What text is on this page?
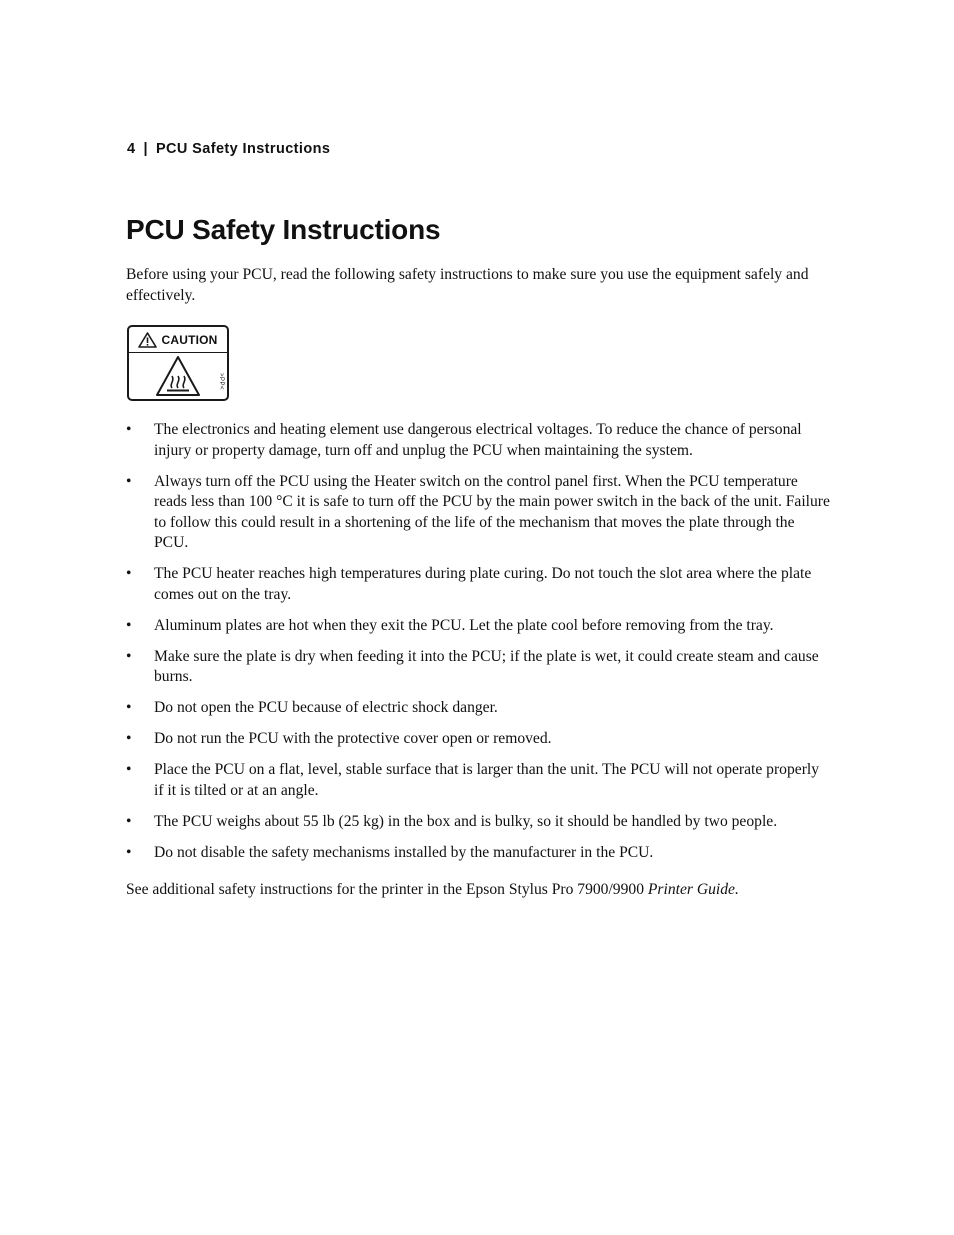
4 | PCU Safety Instructions
PCU Safety Instructions

Before using your PCU, read the following safety instructions to make sure you use the equipment safely and effectively.

CAUTION
>PP<
• The electronics and heating element use dangerous electrical voltages. To reduce the chance of personal injury or property damage, turn off and unplug the PCU when maintaining the system.
• Always turn off the PCU using the Heater switch on the control panel first. When the PCU temperature reads less than 100 °C it is safe to turn off the PCU by the main power switch in the back of the unit. Failure to follow this could result in a shortening of the life of the mechanism that moves the plate through the PCU.
• The PCU heater reaches high temperatures during plate curing. Do not touch the slot area where the plate comes out on the tray.
• Aluminum plates are hot when they exit the PCU. Let the plate cool before removing from the tray.
• Make sure the plate is dry when feeding it into the PCU; if the plate is wet, it could create steam and cause burns.
• Do not open the PCU because of electric shock danger.
• Do not run the PCU with the protective cover open or removed.
• Place the PCU on a flat, level, stable surface that is larger than the unit. The PCU will not operate properly if it is tilted or at an angle.
• The PCU weighs about 55 lb (25 kg) in the box and is bulky, so it should be handled by two people.
• Do not disable the safety mechanisms installed by the manufacturer in the PCU.

See additional safety instructions for the printer in the Epson Stylus Pro 7900/9900 Printer Guide.
